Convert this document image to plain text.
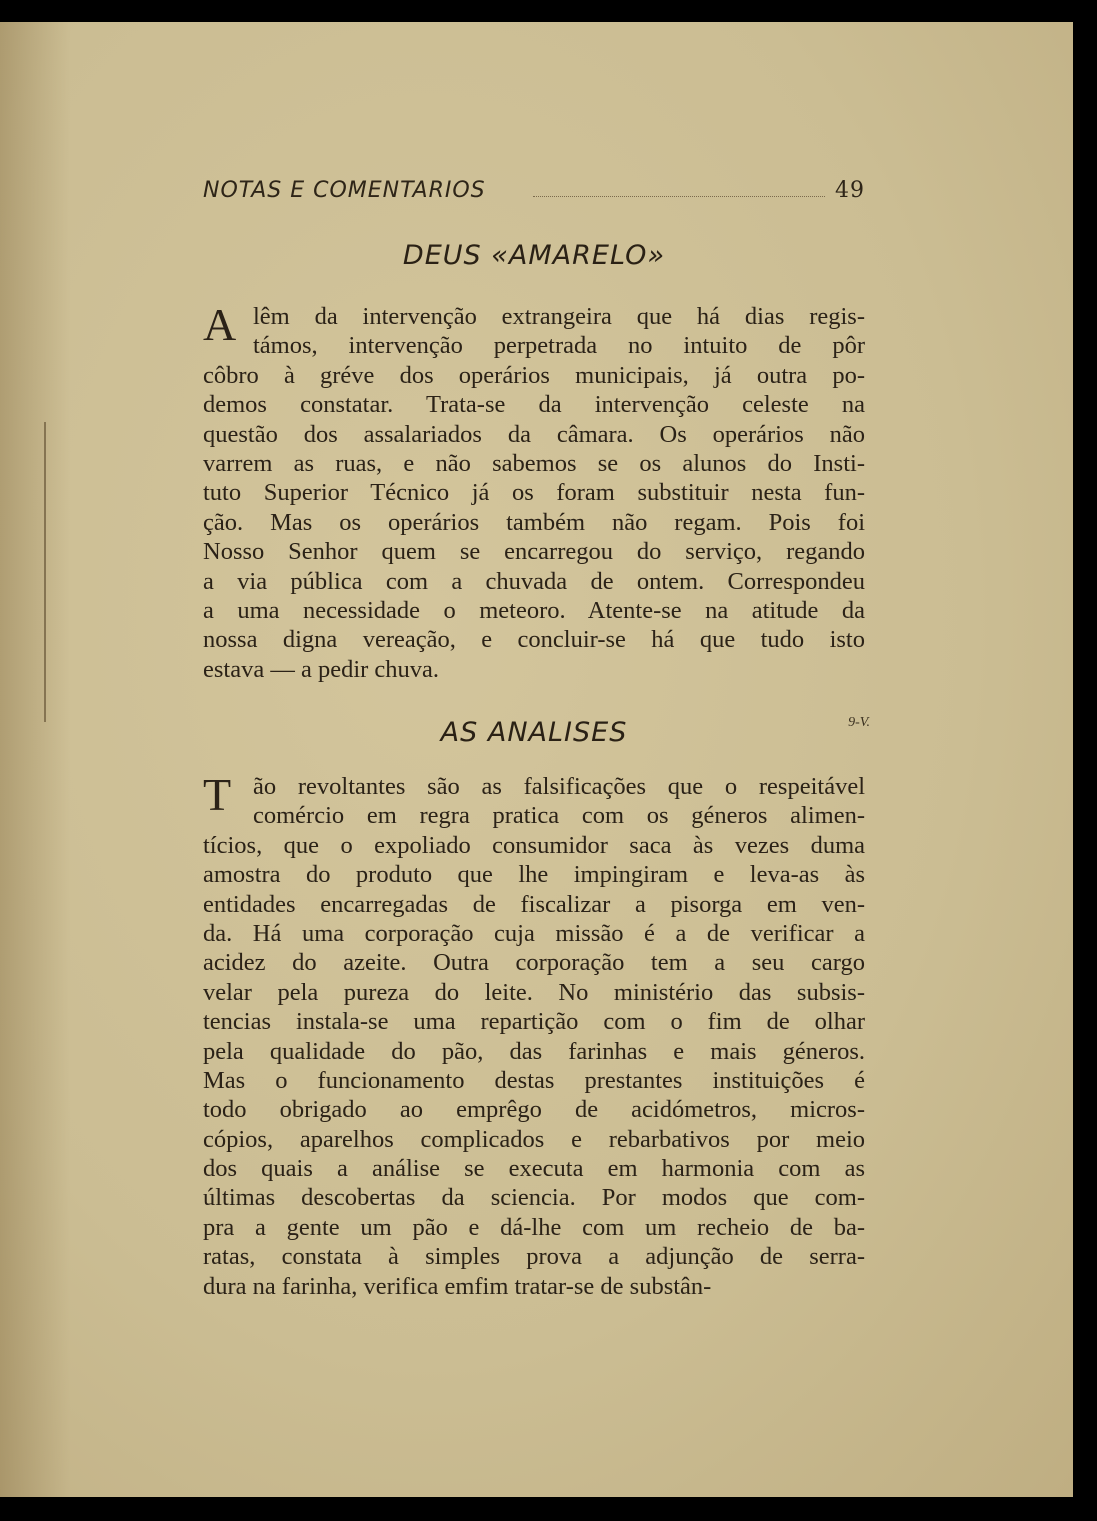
NOTAS E COMENTARIOS	49
DEUS «AMARELO»
A lêm da intervenção extrangeira que há dias regis-
támos, intervenção perpetrada no intuito de pôr
côbro à gréve dos operários municipais, já outra po-
demos constatar. Trata-se da intervenção celeste na
questão dos assalariados da câmara. Os operários não
varrem as ruas, e não sabemos se os alunos do Insti-
tuto Superior Técnico já os foram substituir nesta fun-
ção. Mas os operários também não regam. Pois foi
Nosso Senhor quem se encarregou do serviço, regando
a via pública com a chuvada de ontem. Correspondeu
a uma necessidade o meteoro. Atente-se na atitude da
nossa digna vereação, e concluir-se há que tudo isto
estava — a pedir chuva.
9-V.
AS ANALISES
T ão revoltantes são as falsificações que o respeitável
comércio em regra pratica com os géneros alimen-
tícios, que o expoliado consumidor saca às vezes duma
amostra do produto que lhe impingiram e leva-as às
entidades encarregadas de fiscalizar a pisorga em ven-
da. Há uma corporação cuja missão é a de verificar a
acidez do azeite. Outra corporação tem a seu cargo
velar pela pureza do leite. No ministério das subsis-
tencias instala-se uma repartição com o fim de olhar
pela qualidade do pão, das farinhas e mais géneros.
Mas o funcionamento destas prestantes instituições é
todo obrigado ao emprêgo de acidómetros, micros-
cópios, aparelhos complicados e rebarbativos por meio
dos quais a análise se executa em harmonia com as
últimas descobertas da sciencia. Por modos que com-
pra a gente um pão e dá-lhe com um recheio de ba-
ratas, constata à simples prova a adjunção de serra-
dura na farinha, verifica emfim tratar-se de substân-
